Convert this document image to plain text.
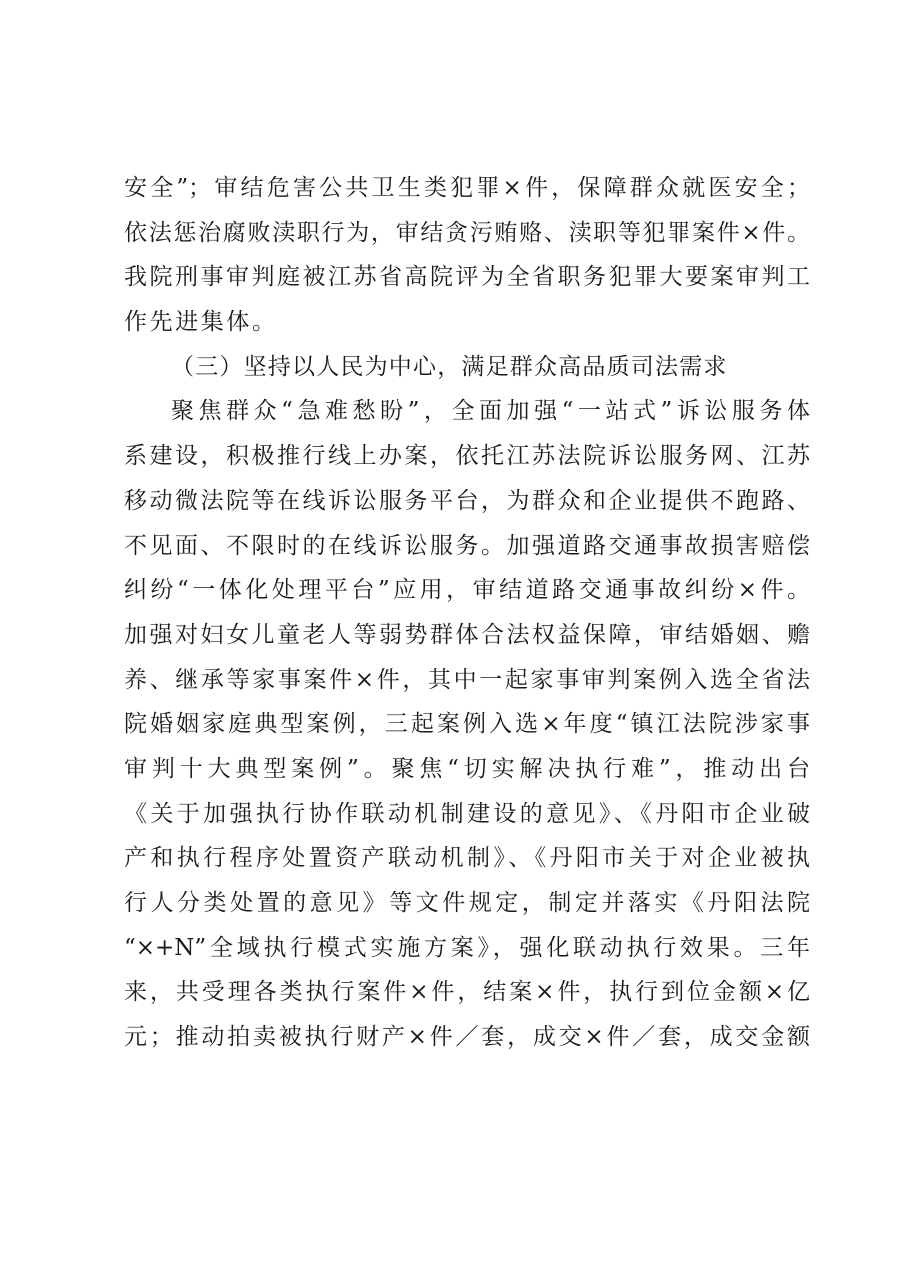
安全”；审结危害公共卫生类犯罪×件，保障群众就医安全；
依法惩治腐败渎职行为，审结贪污贿赂、渎职等犯罪案件×件。
我院刑事审判庭被江苏省高院评为全省职务犯罪大要案审判工
作先进集体。
（三）坚持以人民为中心，满足群众高品质司法需求
聚焦群众“急难愁盼”，全面加强“一站式”诉讼服务体
系建设，积极推行线上办案，依托江苏法院诉讼服务网、江苏
移动微法院等在线诉讼服务平台，为群众和企业提供不跑路、
不见面、不限时的在线诉讼服务。加强道路交通事故损害赔偿
纠纷“一体化处理平台”应用，审结道路交通事故纠纷×件。
加强对妇女儿童老人等弱势群体合法权益保障，审结婚姻、赡
养、继承等家事案件×件，其中一起家事审判案例入选全省法
院婚姻家庭典型案例，三起案例入选×年度“镇江法院涉家事
审判十大典型案例”。聚焦“切实解决执行难”，推动出台
《关于加强执行协作联动机制建设的意见》、《丹阳市企业破
产和执行程序处置资产联动机制》、《丹阳市关于对企业被执
行人分类处置的意见》等文件规定，制定并落实《丹阳法院
“×+N”全域执行模式实施方案》，强化联动执行效果。三年
来，共受理各类执行案件×件，结案×件，执行到位金额×亿
元；推动拍卖被执行财产×件／套，成交×件／套，成交金额
